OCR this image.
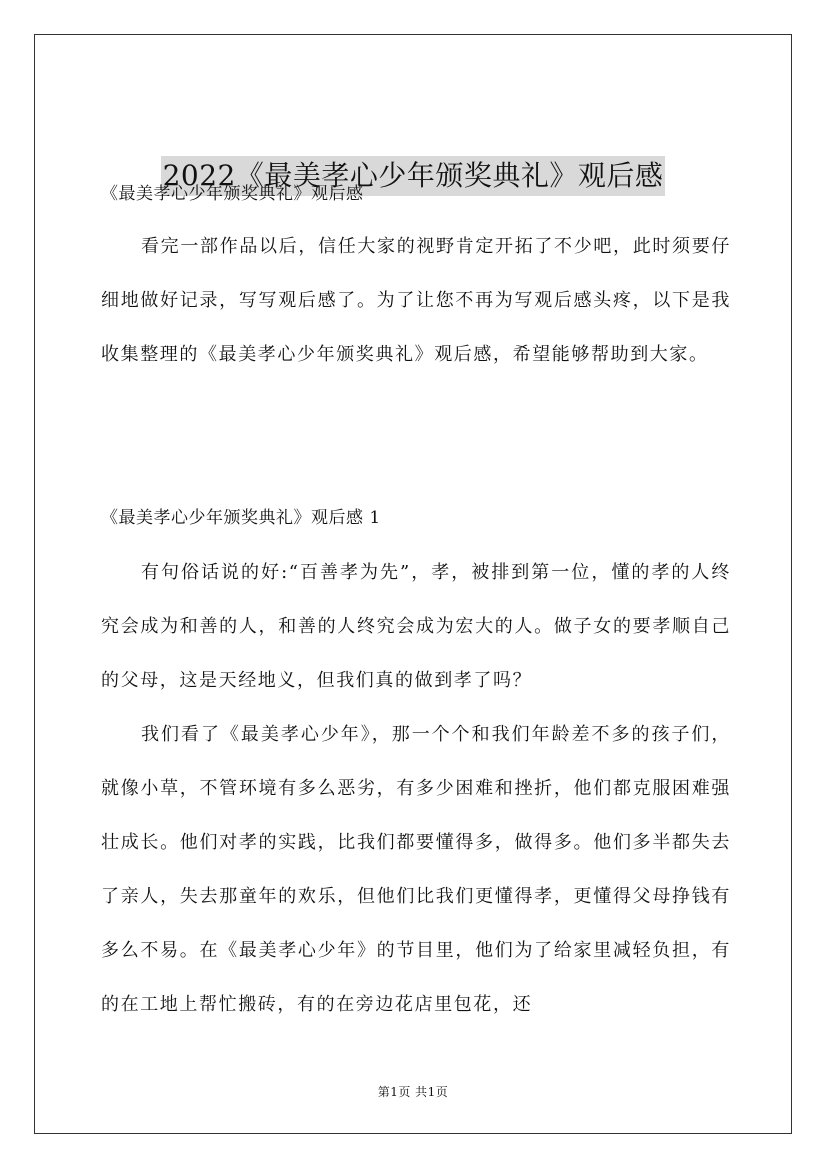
2022《最美孝心少年颁奖典礼》观后感
《最美孝心少年颁奖典礼》观后感

看完一部作品以后，信任大家的视野肯定开拓了不少吧，此时须要仔细地做好记录，写写观后感了。为了让您不再为写观后感头疼，以下是我收集整理的《最美孝心少年颁奖典礼》观后感，希望能够帮助到大家。

《最美孝心少年颁奖典礼》观后感 1

有句俗话说的好:“百善孝为先”，孝，被排到第一位，懂的孝的人终究会成为和善的人，和善的人终究会成为宏大的人。做子女的要孝顺自己的父母，这是天经地义，但我们真的做到孝了吗？

我们看了《最美孝心少年》，那一个个和我们年龄差不多的孩子们，就像小草，不管环境有多么恶劣，有多少困难和挫折，他们都克服困难强壮成长。他们对孝的实践，比我们都要懂得多，做得多。他们多半都失去了亲人，失去那童年的欢乐，但他们比我们更懂得孝，更懂得父母挣钱有多么不易。在《最美孝心少年》的节目里，他们为了给家里减轻负担，有的在工地上帮忙搬砖，有的在旁边花店里包花，还

第1页 共1页
